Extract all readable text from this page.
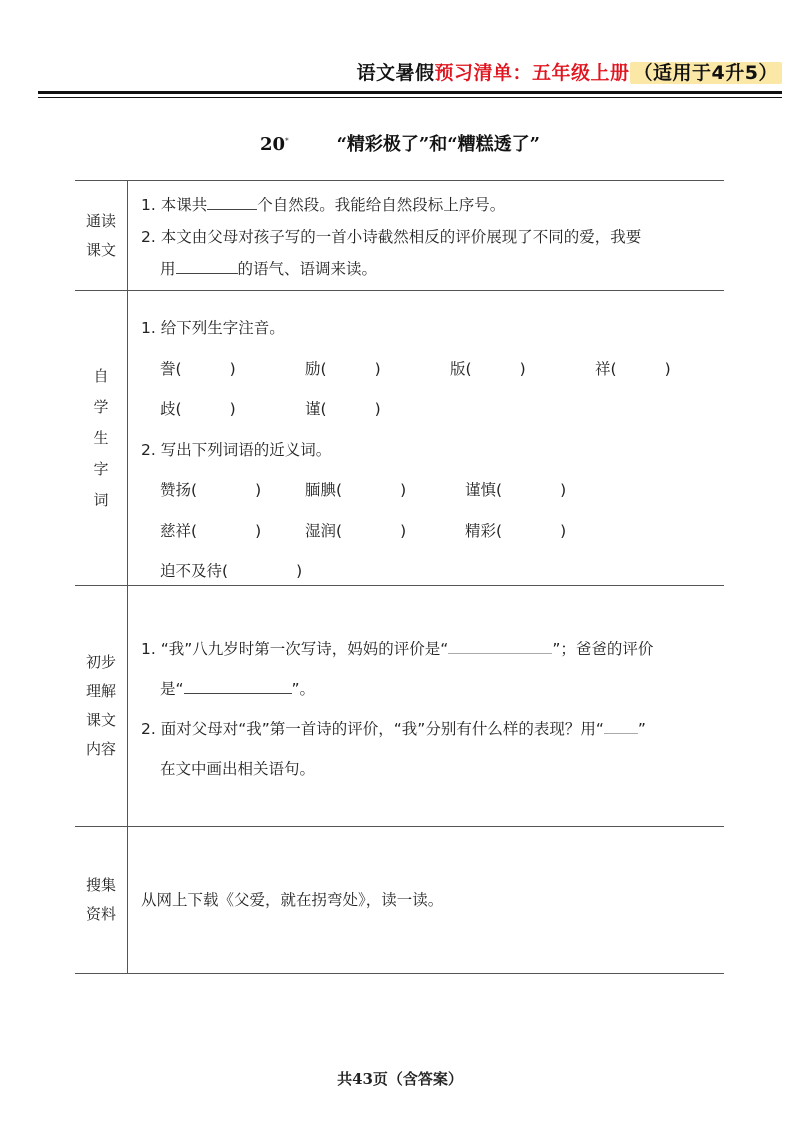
语文暑假预习清单：五年级上册 （适用于4升5）
20*	“精彩极了”和“糟糕透了”
通读
课文
1. 本课共	个自然段。我能给自然段标上序号。
2. 本文由父母对孩子写的一首小诗截然相反的评价展现了不同的爱，我要
用	的语气、语调来读。
自
学
生
字
词
1. 给下列生字注音。
誊(	)	励(	)	版(	)	祥(	)
歧(	)	谨(	)
2. 写出下列词语的近义词。
赞扬(	)	腼腆(	)	谨慎(	)
慈祥(	)	湿润(	)	精彩(	)
迫不及待(	)
初步
理解
课文
内容
1. “我”八九岁时第一次写诗，妈妈的评价是“	”；爸爸的评价
是“	”。
2. 面对父母对“我”第一首诗的评价，“我”分别有什么样的表现？用“ ”
在文中画出相关语句。
搜集
资料
从网上下载《父爱，就在拐弯处》，读一读。
共43页（含答案）
